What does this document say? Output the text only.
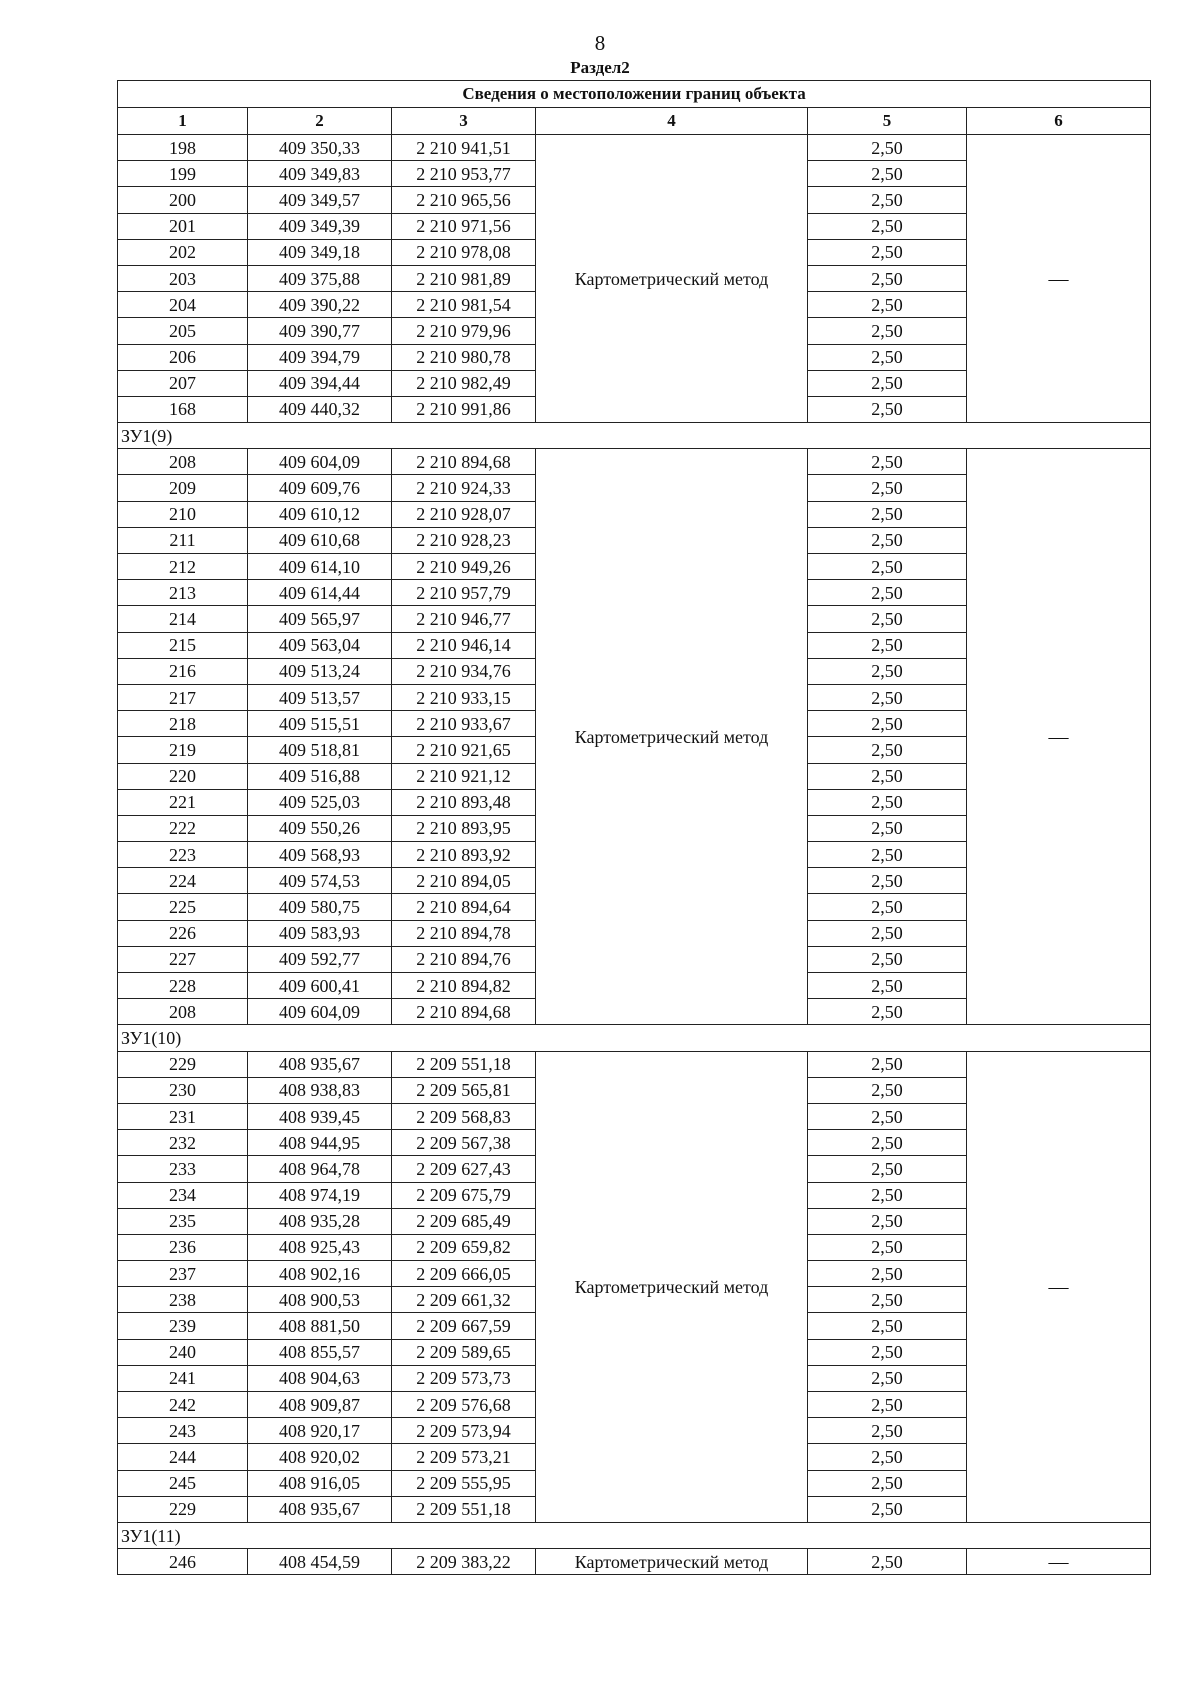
8
Раздел2
Сведения о местоположении границ объекта					
1	2	3	4	5	6
198	409 350,33	2 210 941,51	Картометрический метод	2,50	—
199	409 349,83	2 210 953,77		2,50	
200	409 349,57	2 210 965,56		2,50	
201	409 349,39	2 210 971,56		2,50	
202	409 349,18	2 210 978,08		2,50	
203	409 375,88	2 210 981,89		2,50	
204	409 390,22	2 210 981,54		2,50	
205	409 390,77	2 210 979,96		2,50	
206	409 394,79	2 210 980,78		2,50	
207	409 394,44	2 210 982,49		2,50	
168	409 440,32	2 210 991,86		2,50	
ЗУ1(9)					
208	409 604,09	2 210 894,68	Картометрический метод	2,50	—
209	409 609,76	2 210 924,33		2,50	
210	409 610,12	2 210 928,07		2,50	
211	409 610,68	2 210 928,23		2,50	
212	409 614,10	2 210 949,26		2,50	
213	409 614,44	2 210 957,79		2,50	
214	409 565,97	2 210 946,77		2,50	
215	409 563,04	2 210 946,14		2,50	
216	409 513,24	2 210 934,76		2,50	
217	409 513,57	2 210 933,15		2,50	
218	409 515,51	2 210 933,67		2,50	
219	409 518,81	2 210 921,65		2,50	
220	409 516,88	2 210 921,12		2,50	
221	409 525,03	2 210 893,48		2,50	
222	409 550,26	2 210 893,95		2,50	
223	409 568,93	2 210 893,92		2,50	
224	409 574,53	2 210 894,05		2,50	
225	409 580,75	2 210 894,64		2,50	
226	409 583,93	2 210 894,78		2,50	
227	409 592,77	2 210 894,76		2,50	
228	409 600,41	2 210 894,82		2,50	
208	409 604,09	2 210 894,68		2,50	
ЗУ1(10)					
229	408 935,67	2 209 551,18	Картометрический метод	2,50	—
230	408 938,83	2 209 565,81		2,50	
231	408 939,45	2 209 568,83		2,50	
232	408 944,95	2 209 567,38		2,50	
233	408 964,78	2 209 627,43		2,50	
234	408 974,19	2 209 675,79		2,50	
235	408 935,28	2 209 685,49		2,50	
236	408 925,43	2 209 659,82		2,50	
237	408 902,16	2 209 666,05		2,50	
238	408 900,53	2 209 661,32		2,50	
239	408 881,50	2 209 667,59		2,50	
240	408 855,57	2 209 589,65		2,50	
241	408 904,63	2 209 573,73		2,50	
242	408 909,87	2 209 576,68		2,50	
243	408 920,17	2 209 573,94		2,50	
244	408 920,02	2 209 573,21		2,50	
245	408 916,05	2 209 555,95		2,50	
229	408 935,67	2 209 551,18		2,50	
ЗУ1(11)					
246	408 454,59	2 209 383,22	Картометрический метод	2,50	—
